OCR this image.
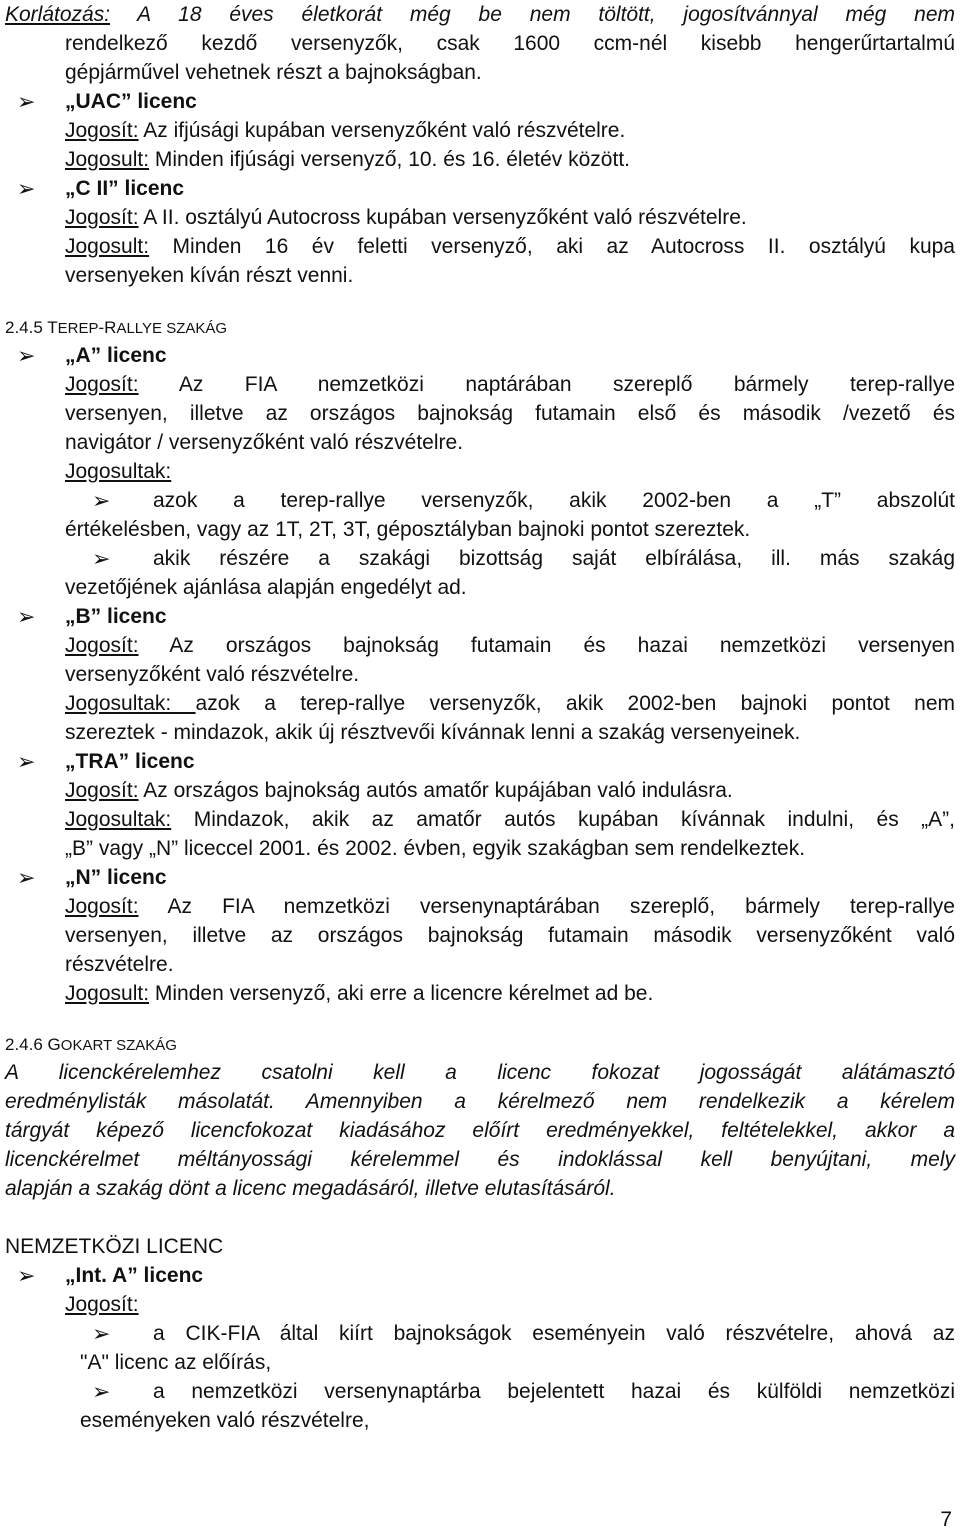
Korlátozás: A 18 éves életkorát még be nem töltött, jogosítvánnyal még nem
rendelkező kezdő versenyzők, csak 1600 ccm-nél kisebb hengerűrtartalmú
gépjárművel vehetnek részt a bajnokságban.
➢ „UAC” licenc
Jogosít: Az ifjúsági kupában versenyzőként való részvételre.
Jogosult: Minden ifjúsági versenyző, 10. és 16. életév között.
➢ „C II” licenc
Jogosít: A II. osztályú Autocross kupában versenyzőként való részvételre.
Jogosult: Minden 16 év feletti versenyző, aki az Autocross II. osztályú kupa
versenyeken kíván részt venni.
2.4.5 TEREP-RALLYE SZAKÁG
➢ „A” licenc
Jogosít: Az FIA nemzetközi naptárában szereplő bármely terep-rallye
versenyen, illetve az országos bajnokság futamain első és második /vezető és
navigátor / versenyzőként való részvételre.
Jogosultak:
➢ azok a terep-rallye versenyzők, akik 2002-ben a „T” abszolút
értékelésben, vagy az 1T, 2T, 3T, géposztályban bajnoki pontot szereztek.
➢ akik részére a szakági bizottság saját elbírálása, ill. más szakág
vezetőjének ajánlása alapján engedélyt ad.
➢ „B” licenc
Jogosít: Az országos bajnokság futamain és hazai nemzetközi versenyen
versenyzőként való részvételre.
Jogosultak: azok a terep-rallye versenyzők, akik 2002-ben bajnoki pontot nem
szereztek - mindazok, akik új résztvevői kívánnak lenni a szakág versenyeinek.
➢ „TRA” licenc
Jogosít: Az országos bajnokság autós amatőr kupájában való indulásra.
Jogosultak: Mindazok, akik az amatőr autós kupában kívánnak indulni, és „A”,
„B” vagy „N” liceccel 2001. és 2002. évben, egyik szakágban sem rendelkeztek.
➢ „N” licenc
Jogosít: Az FIA nemzetközi versenynaptárában szereplő, bármely terep-rallye
versenyen, illetve az országos bajnokság futamain második versenyzőként való
részvételre.
Jogosult: Minden versenyző, aki erre a licencre kérelmet ad be.
2.4.6 GOKART SZAKÁG
A licenckérelemhez csatolni kell a licenc fokozat jogosságát alátámasztó
eredménylisták másolatát. Amennyiben a kérelmező nem rendelkezik a kérelem
tárgyát képező licencfokozat kiadásához előírt eredményekkel, feltételekkel, akkor a
licenckérelmet méltányossági kérelemmel és indoklással kell benyújtani, mely
alapján a szakág dönt a licenc megadásáról, illetve elutasításáról.
NEMZETKÖZI LICENC
➢ „Int. A” licenc
Jogosít:
➢ a CIK-FIA által kiírt bajnokságok eseményein való részvételre, ahová az
"A" licenc az előírás,
➢ a nemzetközi versenynaptárba bejelentett hazai és külföldi nemzetközi
eseményeken való részvételre,
7
